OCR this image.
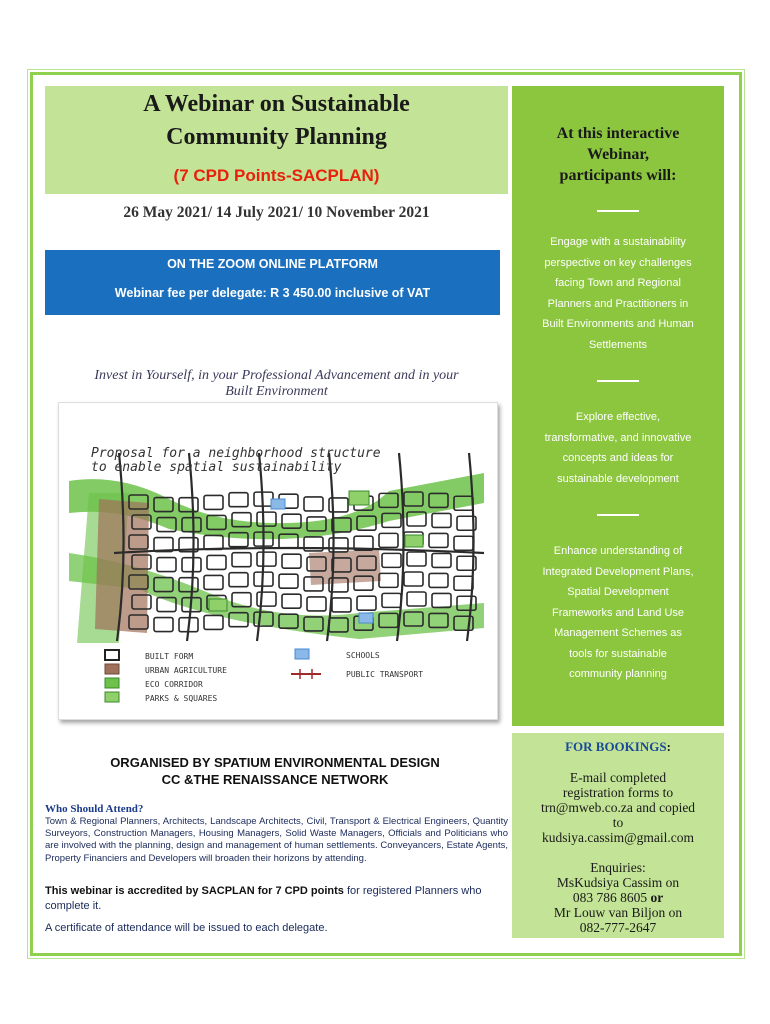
A Webinar on Sustainable
Community Planning
(7 CPD Points-SACPLAN)
26 May 2021/ 14 July 2021/ 10 November 2021
ON THE ZOOM ONLINE PLATFORM
Webinar fee per delegate: R 3 450.00 inclusive of VAT
Invest in Yourself, in your Professional Advancement and in your
Built Environment
Proposal for a neighborhood structure
to enable spatial sustainability
BUILT FORM
URBAN AGRICULTURE
ECO CORRIDOR
PARKS & SQUARES
SCHOOLS
PUBLIC TRANSPORT
At this interactive
Webinar,
participants will:
Engage with a sustainability
perspective on key challenges
facing Town and Regional
Planners and Practitioners in
Built Environments and Human
Settlements
Explore effective,
transformative, and innovative
concepts and ideas for
sustainable development
Enhance understanding of
Integrated Development Plans,
Spatial Development
Frameworks and Land Use
Management Schemes as
tools for sustainable
community planning
FOR BOOKINGS:
E-mail completed
registration forms to
trn@mweb.co.za and copied
to
kudsiya.cassim@gmail.com
Enquiries:
MsKudsiya Cassim on
083 786 8605 or
Mr Louw van Biljon on
082-777-2647
ORGANISED BY SPATIUM ENVIRONMENTAL DESIGN
CC &THE RENAISSANCE NETWORK
Who Should Attend?
Town & Regional Planners, Architects, Landscape Architects, Civil, Transport & Electrical Engineers, Quantity Surveyors, Construction Managers, Housing Managers, Solid Waste Managers, Officials and Politicians who are involved with the planning, design and management of human settlements. Conveyancers, Estate Agents, Property Financiers and Developers will broaden their horizons by attending.
This webinar is accredited by SACPLAN for 7 CPD points for registered Planners who complete it.
A certificate of attendance will be issued to each delegate.
